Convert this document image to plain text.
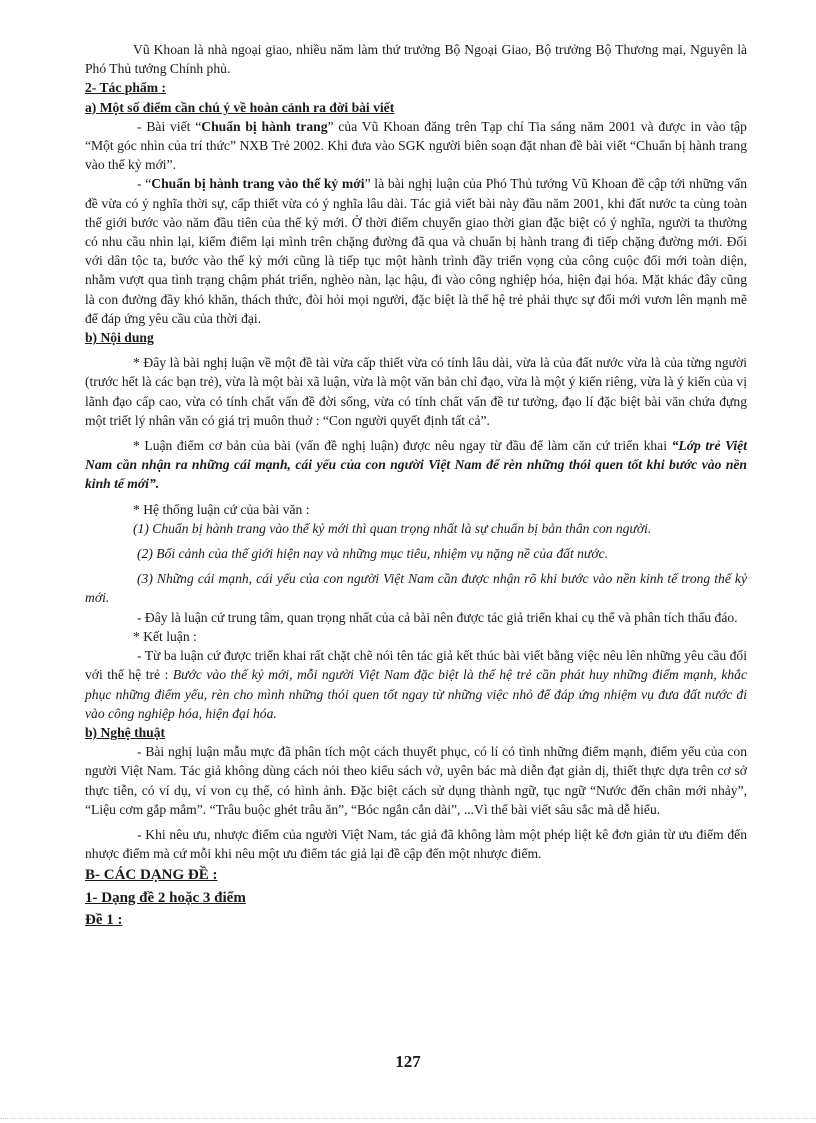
Vũ Khoan là nhà ngoại giao, nhiều năm làm thứ trưởng Bộ Ngoại Giao, Bộ trưởng Bộ Thương mại, Nguyên là Phó Thủ tướng Chính phủ.

2- Tác phẩm :

a) Một số điểm cần chú ý về hoàn cảnh ra đời bài viết

- Bài viết “Chuẩn bị hành trang” của Vũ Khoan đăng trên Tạp chí Tia sáng năm 2001 và được in vào tập “Một góc nhìn của trí thức” NXB Trẻ 2002. Khi đưa vào SGK người biên soạn đặt nhan đề bài viết “Chuẩn bị hành trang vào thế kỷ mới”.

- “Chuẩn bị hành trang vào thế kỷ mới” là bài nghị luận của Phó Thủ tướng Vũ Khoan đề cập tới những vấn đề vừa có ý nghĩa thời sự, cấp thiết vừa có ý nghĩa lâu dài. Tác giả viết bài này đầu năm 2001, khi đất nước ta cùng toàn thế giới bước vào năm đầu tiên của thế kỷ mới. Ở thời điểm chuyển giao thời gian đặc biệt có ý nghĩa, người ta thường có nhu cầu nhìn lại, kiểm điểm lại mình trên chặng đường đã qua và chuẩn bị hành trang đi tiếp chặng đường mới. Đối với dân tộc ta, bước vào thế kỷ mới cũng là tiếp tục một hành trình đầy triển vọng của công cuộc đổi mới toàn diện, nhằm vượt qua tình trạng chậm phát triển, nghèo nàn, lạc hậu, đi vào công nghiệp hóa, hiện đại hóa. Mặt khác đây cũng là con đường đầy khó khăn, thách thức, đòi hỏi mọi người, đặc biệt là thế hệ trẻ phải thực sự đổi mới vươn lên mạnh mẽ để đáp ứng yêu cầu của thời đại.

b) Nội dung

* Đây là bài nghị luận về một đề tài vừa cấp thiết vừa có tính lâu dài, vừa là của đất nước vừa là của từng người (trước hết là các bạn trẻ), vừa là một bài xã luận, vừa là một văn bản chỉ đạo, vừa là một ý kiến riêng, vừa là ý kiến của vị lãnh đạo cấp cao, vừa có tính chất vấn đề đời sống, vừa có tính chất vấn đề tư tưởng, đạo lí đặc biệt bài văn chứa đựng một triết lý nhân văn có giá trị muôn thuở : “Con người quyết định tất cả”.

* Luận điểm cơ bản của bài (vấn đề nghị luận) được nêu ngay từ đầu để làm căn cứ triển khai “Lớp trẻ Việt Nam cần nhận ra những cái mạnh, cái yếu của con người Việt Nam để rèn những thói quen tốt khi bước vào nền kinh tế mới”.

* Hệ thống luận cứ của bài văn :

(1) Chuẩn bị hành trang vào thế kỷ mới thì quan trọng nhất là sự chuẩn bị bản thân con người.

(2) Bối cảnh của thế giới hiện nay và những mục tiêu, nhiệm vụ nặng nề của đất nước.

(3) Những cái mạnh, cái yếu của con người Việt Nam cần được nhận rõ khi bước vào nền kinh tế trong thế kỷ mới.

- Đây là luận cứ trung tâm, quan trọng nhất của cả bài nên được tác giả triển khai cụ thể và phân tích thấu đáo.

* Kết luận :

- Từ ba luận cứ được triển khai rất chặt chẽ nói tên tác giả kết thúc bài viết bằng việc nêu lên những yêu cầu đối với thế hệ trẻ : Bước vào thế kỷ mới, mỗi người Việt Nam đặc biệt là thế hệ trẻ cần phát huy những điểm mạnh, khắc phục những điểm yếu, rèn cho mình những thói quen tốt ngay từ những việc nhỏ để đáp ứng nhiệm vụ đưa đất nước đi vào công nghiệp hóa, hiện đại hóa.

b) Nghệ thuật

- Bài nghị luận mẫu mực đã phân tích một cách thuyết phục, có lí có tình những điểm mạnh, điểm yếu của con người Việt Nam. Tác giả không dùng cách nói theo kiểu sách vở, uyên bác mà diễn đạt giản dị, thiết thực dựa trên cơ sở thực tiễn, có ví dụ, ví von cụ thể, có hình ảnh. Đặc biệt cách sử dụng thành ngữ, tục ngữ “Nước đến chân mới nhảy”, “Liệu cơm gắp mắm”. “Trâu buộc ghét trâu ăn”, “Bóc ngắn cắn dài”, ...Vì thế bài viết sâu sắc mà dễ hiểu.

- Khi nêu ưu, nhược điểm của người Việt Nam, tác giả đã không làm một phép liệt kê đơn giản từ ưu điểm đến nhược điểm mà cứ mỗi khi nêu một ưu điểm tác giả lại đề cập đến một nhược điểm.

B- CÁC DẠNG ĐỀ :

1- Dạng đề 2 hoặc 3 điểm

Đề 1 :

127
